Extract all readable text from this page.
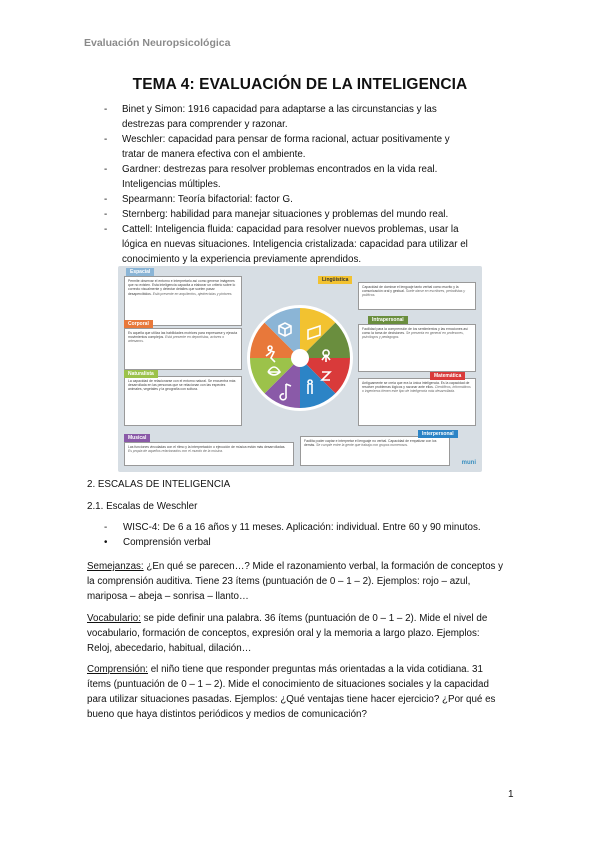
Evaluación Neuropsicológica
TEMA 4: EVALUACIÓN DE LA INTELIGENCIA
- Binet y Simon: 1916 capacidad para adaptarse a las circunstancias y las
destrezas para comprender y razonar.
- Weschler: capacidad para pensar de forma racional, actuar positivamente y
tratar de manera efectiva con el ambiente.
- Gardner: destrezas para resolver problemas encontrados en la vida real.
Inteligencias múltiples.
- Spearmann: Teoría bifactorial: factor G.
- Sternberg: habilidad para manejar situaciones y problemas del mundo real.
- Cattell: Inteligencia fluida: capacidad para resolver nuevos problemas, usar la
lógica en nuevas situaciones. Inteligencia cristalizada: capacidad para utilizar el
conocimiento y la experiencia previamente aprendidos.
Permite observar el entorno e interpretarlo así como generar imágenes que no existen. Esta inteligencia capacita a elaborar un criterio sobre lo correcto visualmente y detectar detalles que suelen pasar desapercibidos. Está presente en arquitectos, ajedrecistas y pintores.
Espacial
Capacidad de dominar el lenguaje tanto verbal como escrito y la comunicación oral y gestual. Suele darse en escritores, periodistas y políticos.
Lingüística
Es aquella que utiliza las habilidades motrices para expresarse y ejecuta movimientos complejos. Está presente en deportistas, actores o artesanos.
Corporal
Facilidad para la comprensión de los sentimientos y las emociones así como la toma de decisiones. Se presenta en general en profesores, psicólogos y pedagogos.
Intrapersonal
La capacidad de relacionarse con el entorno natural. Se encuentra más desarrollada en las personas que se relacionan con las especies animales, vegetales y la geografía con soltura.
Naturalista
Antiguamente se creía que era la única inteligencia. Es la capacidad de resolver problemas lógicos y razonar ante ellos. Científicos, informáticos o ingenieros tienen este tipo de inteligencia más desarrollada.
Matemática
Las funciones vinculadas con el ritmo y la interpretación o ejecución de música están más desarrolladas. Es propia de aquellos relacionados con el mundo de la música.
Musical	Facilita poder captar e interpretar el lenguaje no verbal. Capacidad de empatizar con los demás. Se cumple entre la gente que trabaja con grupos numerosos.
Interpersonal
muni
2. ESCALAS DE INTELIGENCIA
2.1. Escalas de Weschler
- WISC-4: De 6 a 16 años y 11 meses. Aplicación: individual. Entre 60 y 90 minutos.
• Comprensión verbal
Semejanzas: ¿En qué se parecen…? Mide el razonamiento verbal, la formación de conceptos y
la comprensión auditiva. Tiene 23 ítems (puntuación de 0 – 1 – 2). Ejemplos: rojo – azul,
mariposa – abeja – sonrisa – llanto…
Vocabulario: se pide definir una palabra. 36 ítems (puntuación de 0 – 1 – 2). Mide el nivel de
vocabulario, formación de conceptos, expresión oral y la memoria a largo plazo. Ejemplos:
Reloj, abecedario, habitual, dilación…
Comprensión: el niño tiene que responder preguntas más orientadas a la vida cotidiana. 31
ítems (puntuación de 0 – 1 – 2). Mide el conocimiento de situaciones sociales y la capacidad
para utilizar situaciones pasadas. Ejemplos: ¿Qué ventajas tiene hacer ejercicio? ¿Por qué es
bueno que haya distintos periódicos y medios de comunicación?
1
